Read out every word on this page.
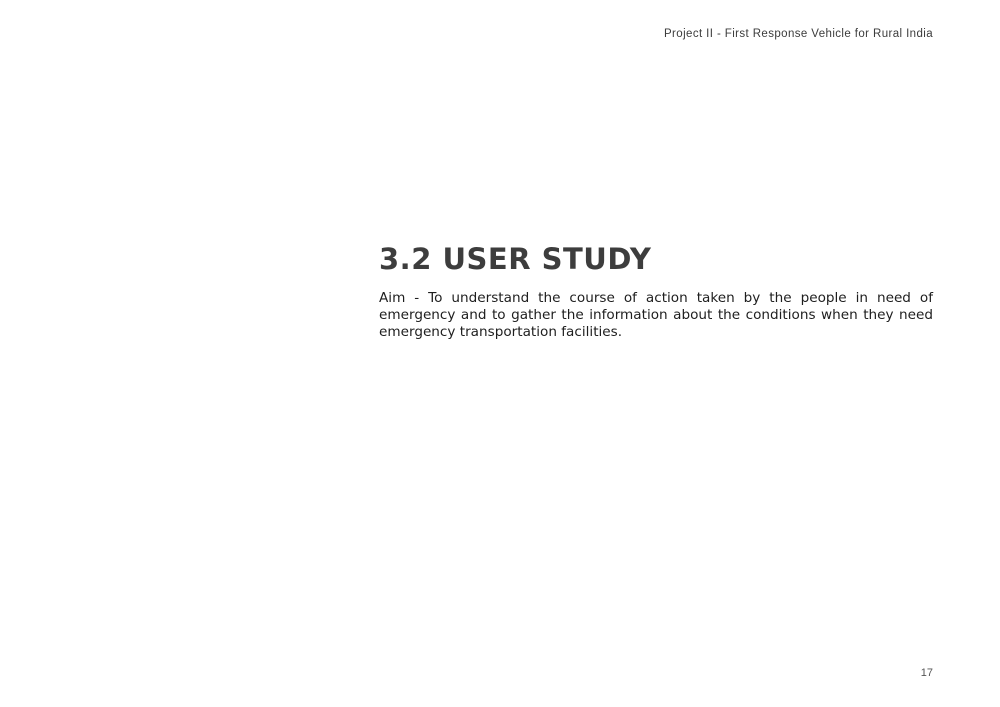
Project II - First Response Vehicle for Rural India
3.2 USER STUDY

Aim - To understand the course of action taken by the people in need of emergency and to gather the information about the conditions when they need emergency transportation facilities.

17
